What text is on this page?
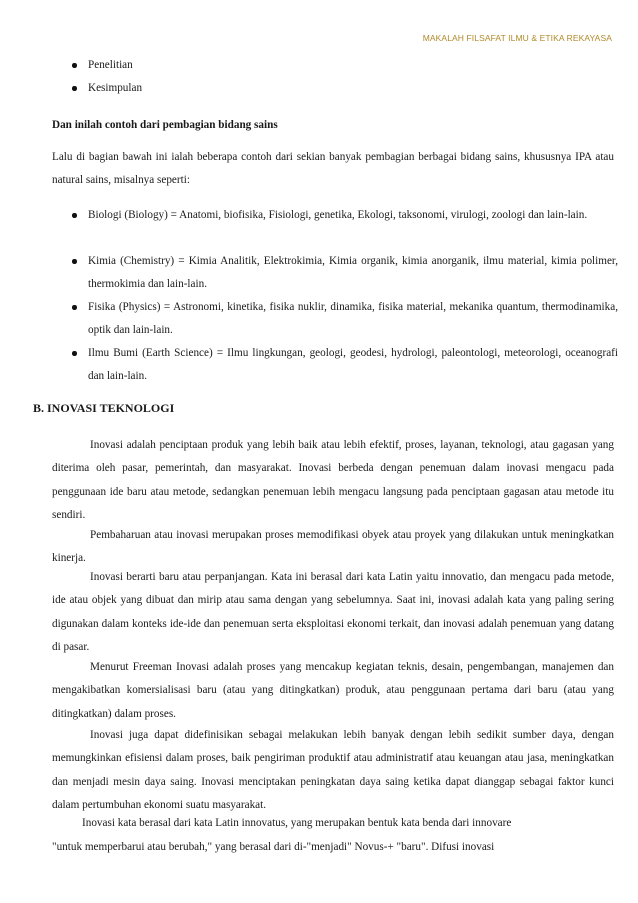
MAKALAH FILSAFAT ILMU & ETIKA REKAYASA
Penelitian
Kesimpulan
Dan inilah contoh dari pembagian bidang sains

Lalu di bagian bawah ini ialah beberapa contoh dari sekian banyak pembagian berbagai bidang sains, khususnya IPA atau natural sains, misalnya seperti:

Biologi (Biology) = Anatomi, biofisika, Fisiologi, genetika, Ekologi, taksonomi, virulogi, zoologi dan lain-lain.
Kimia (Chemistry) = Kimia Analitik, Elektrokimia, Kimia organik, kimia anorganik, ilmu material, kimia polimer, thermokimia dan lain-lain.
Fisika (Physics) = Astronomi, kinetika, fisika nuklir, dinamika, fisika material, mekanika quantum, thermodinamika, optik dan lain-lain.
Ilmu Bumi (Earth Science) = Ilmu lingkungan, geologi, geodesi, hydrologi, paleontologi, meteorologi, oceanografi dan lain-lain.
B. INOVASI TEKNOLOGI

Inovasi adalah penciptaan produk yang lebih baik atau lebih efektif, proses, layanan, teknologi, atau gagasan yang diterima oleh pasar, pemerintah, dan masyarakat. Inovasi berbeda dengan penemuan dalam inovasi mengacu pada penggunaan ide baru atau metode, sedangkan penemuan lebih mengacu langsung pada penciptaan gagasan atau metode itu sendiri.

Pembaharuan atau inovasi merupakan proses memodifikasi obyek atau proyek yang dilakukan untuk meningkatkan kinerja.

Inovasi berarti baru atau perpanjangan. Kata ini berasal dari kata Latin yaitu innovatio, dan mengacu pada metode, ide atau objek yang dibuat dan mirip atau sama dengan yang sebelumnya. Saat ini, inovasi adalah kata yang paling sering digunakan dalam konteks ide-ide dan penemuan serta eksploitasi ekonomi terkait, dan inovasi adalah penemuan yang datang di pasar.

Menurut Freeman Inovasi adalah proses yang mencakup kegiatan teknis, desain, pengembangan, manajemen dan mengakibatkan komersialisasi baru (atau yang ditingkatkan) produk, atau penggunaan pertama dari baru (atau yang ditingkatkan) dalam proses.

Inovasi juga dapat didefinisikan sebagai melakukan lebih banyak dengan lebih sedikit sumber daya, dengan memungkinkan efisiensi dalam proses, baik pengiriman produktif atau administratif atau keuangan atau jasa, meningkatkan dan menjadi mesin daya saing. Inovasi menciptakan peningkatan daya saing ketika dapat dianggap sebagai faktor kunci dalam pertumbuhan ekonomi suatu masyarakat.

Inovasi kata berasal dari kata Latin innovatus, yang merupakan bentuk kata benda dari innovare
"untuk memperbarui atau berubah," yang berasal dari di-"menjadi" Novus-+ "baru". Difusi inovasi
